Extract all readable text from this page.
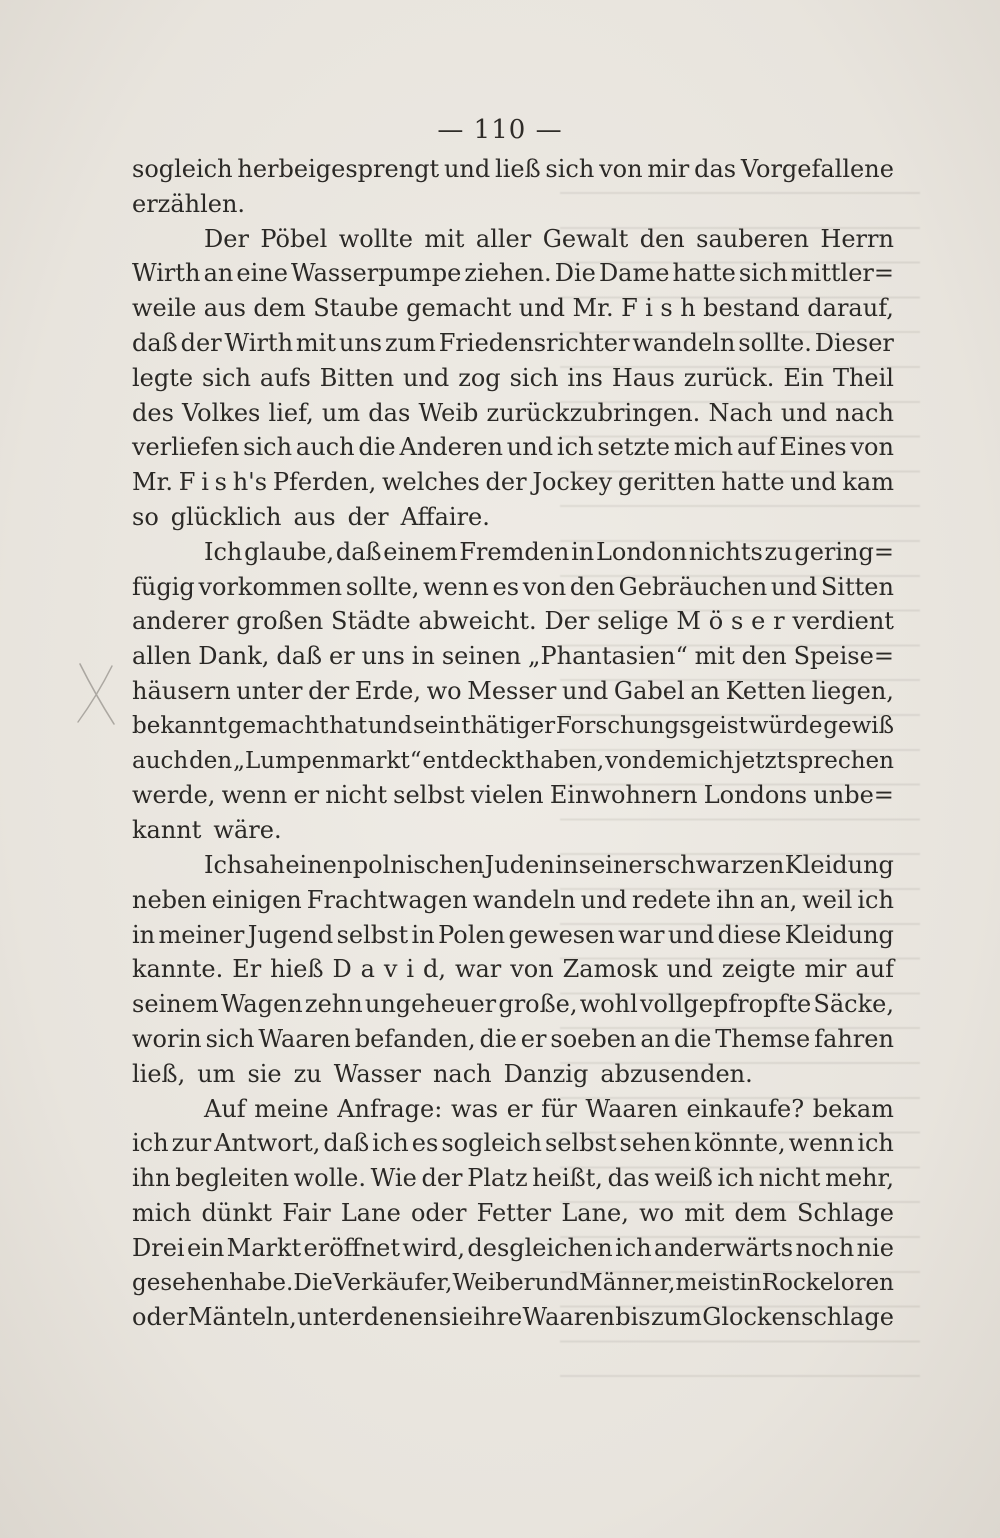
— 110 —
sogleich herbeigesprengt und ließ sich von mir das Vorgefallene
erzählen.
Der Pöbel wollte mit aller Gewalt den sauberen Herrn
Wirth an eine Wasserpumpe ziehen. Die Dame hatte sich mittler=
weile aus dem Staube gemacht und Mr. F i s h bestand darauf,
daß der Wirth mit uns zum Friedensrichter wandeln sollte. Dieser
legte sich aufs Bitten und zog sich ins Haus zurück. Ein Theil
des Volkes lief, um das Weib zurückzubringen. Nach und nach
verliefen sich auch die Anderen und ich setzte mich auf Eines von
Mr. F i s h's Pferden, welches der Jockey geritten hatte und kam
so glücklich aus der Affaire.
Ich glaube, daß einem Fremden in London nichts zu gering=
fügig vorkommen sollte, wenn es von den Gebräuchen und Sitten
anderer großen Städte abweicht. Der selige M ö s e r verdient
allen Dank, daß er uns in seinen „Phantasien“ mit den Speise=
häusern unter der Erde, wo Messer und Gabel an Ketten liegen,
bekannt gemacht hat und sein thätiger Forschungsgeist würde gewiß
auch den „Lumpenmarkt“ entdeckt haben, von dem ich jetzt sprechen
werde, wenn er nicht selbst vielen Einwohnern Londons unbe=
kannt wäre.
Ich sah einen polnischen Juden in seiner schwarzen Kleidung
neben einigen Frachtwagen wandeln und redete ihn an, weil ich
in meiner Jugend selbst in Polen gewesen war und diese Kleidung
kannte. Er hieß D a v i d, war von Zamosk und zeigte mir auf
seinem Wagen zehn ungeheuer große, wohl vollgepfropfte Säcke,
worin sich Waaren befanden, die er soeben an die Themse fahren
ließ, um sie zu Wasser nach Danzig abzusenden.
Auf meine Anfrage: was er für Waaren einkaufe? bekam
ich zur Antwort, daß ich es sogleich selbst sehen könnte, wenn ich
ihn begleiten wolle. Wie der Platz heißt, das weiß ich nicht mehr,
mich dünkt Fair Lane oder Fetter Lane, wo mit dem Schlage
Drei ein Markt eröffnet wird, desgleichen ich anderwärts noch nie
gesehen habe. Die Verkäufer, Weiber und Männer, meist in Rockeloren
oder Mänteln, unter denen sie ihre Waaren bis zum Glockenschlage
